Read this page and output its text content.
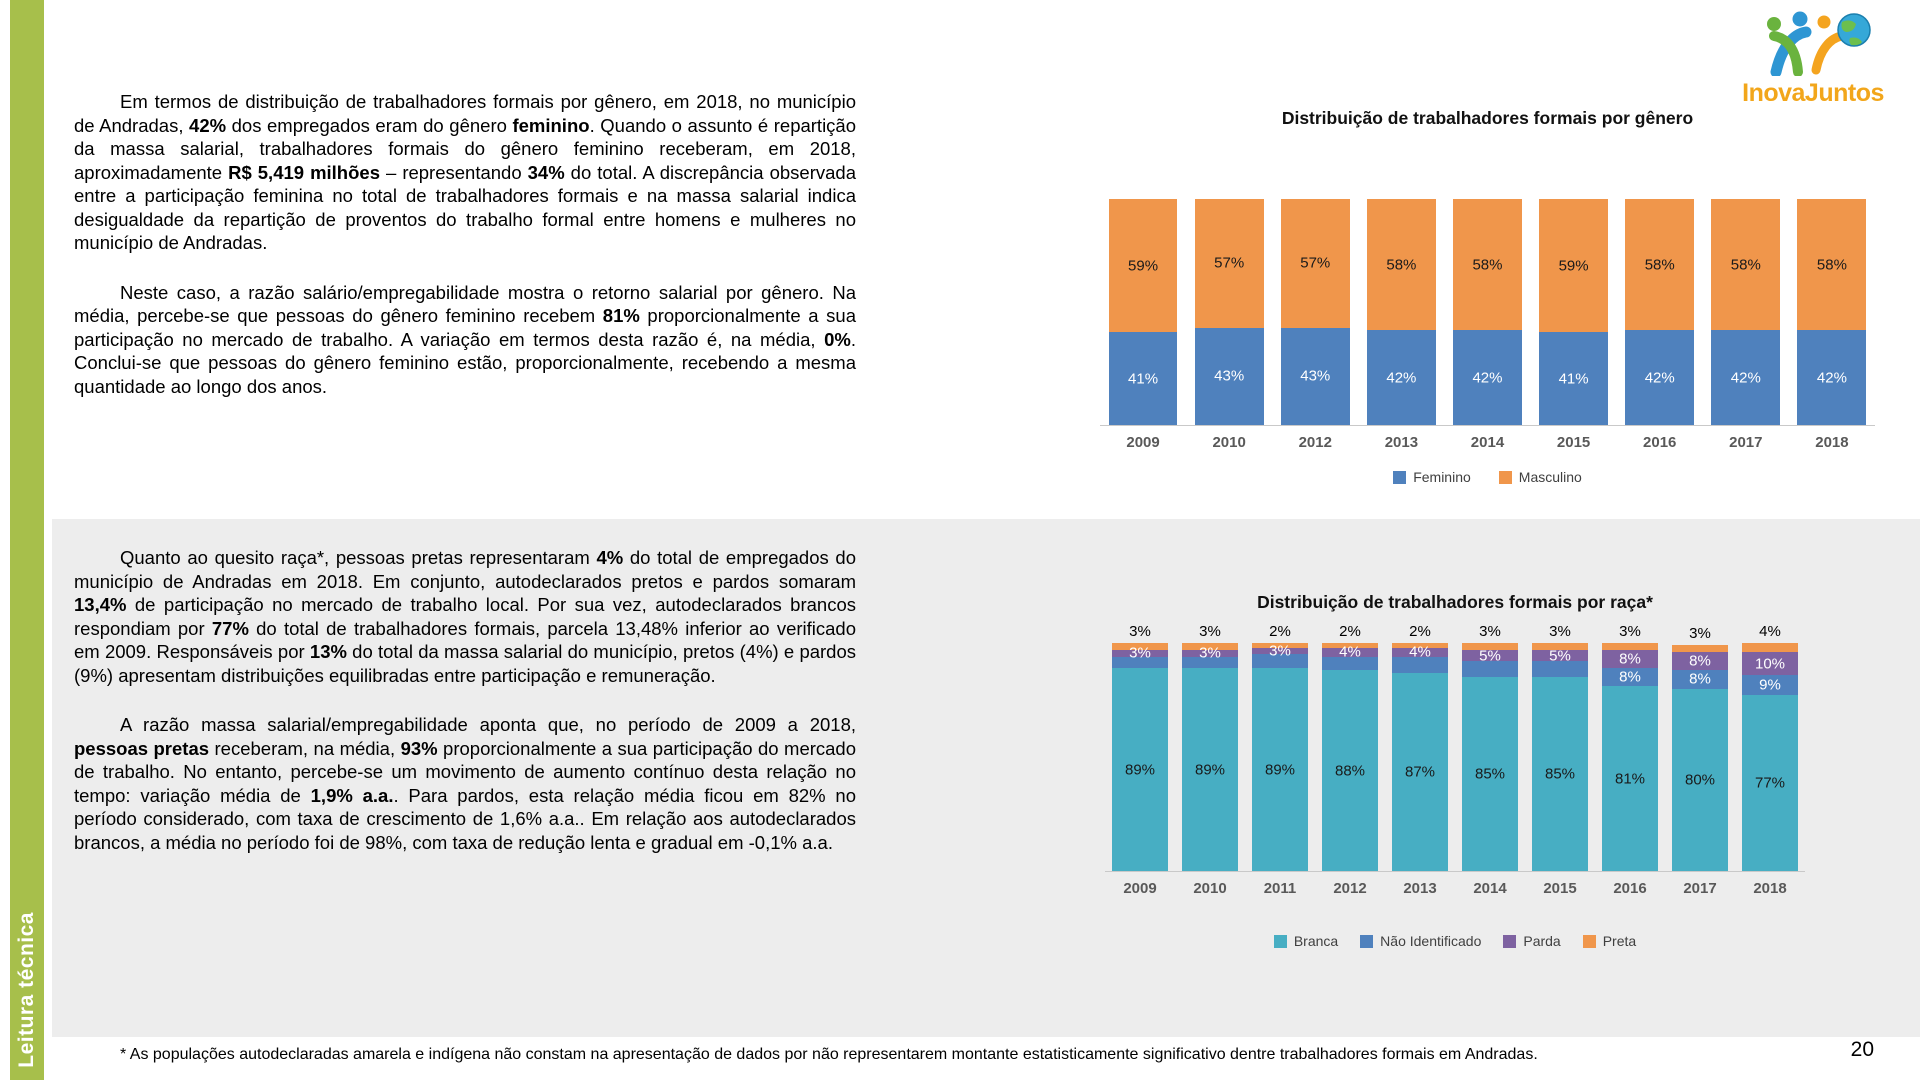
Leitura técnica
InovaJuntos

Em termos de distribuição de trabalhadores formais por gênero, em 2018, no município de Andradas, 42% dos empregados eram do gênero feminino. Quando o assunto é repartição da massa salarial, trabalhadores formais do gênero feminino receberam, em 2018, aproximadamente R$ 5,419 milhões – representando 34% do total. A discrepância observada entre a participação feminina no total de trabalhadores formais e na massa salarial indica desigualdade da repartição de proventos do trabalho formal entre homens e mulheres no município de Andradas.

Neste caso, a razão salário/empregabilidade mostra o retorno salarial por gênero. Na média, percebe-se que pessoas do gênero feminino recebem 81% proporcionalmente a sua participação no mercado de trabalho. A variação em termos desta razão é, na média, 0%. Conclui-se que pessoas do gênero feminino estão, proporcionalmente, recebendo a mesma quantidade ao longo dos anos.

Quanto ao quesito raça*, pessoas pretas representaram 4% do total de empregados do município de Andradas em 2018. Em conjunto, autodeclarados pretos e pardos somaram 13,4% de participação no mercado de trabalho local. Por sua vez, autodeclarados brancos respondiam por 77% do total de trabalhadores formais, parcela 13,48% inferior ao verificado em 2009. Responsáveis por 13% do total da massa salarial do município, pretos (4%) e pardos (9%) apresentam distribuições equilibradas entre participação e remuneração.

A razão massa salarial/empregabilidade aponta que, no período de 2009 a 2018, pessoas pretas receberam, na média, 93% proporcionalmente a sua participação do mercado de trabalho. No entanto, percebe-se um movimento de aumento contínuo desta relação no tempo: variação média de 1,9% a.a.. Para pardos, esta relação média ficou em 82% no período considerado, com taxa de crescimento de 1,6% a.a.. Em relação aos autodeclarados brancos, a média no período foi de 98%, com taxa de redução lenta e gradual em -0,1% a.a.

Distribuição de trabalhadores formais por gênero
41%
59%
43%
57%
43%
57%
42%
58%
42%
58%
41%
59%
42%
58%
42%
58%
42%
58%
2009	2010	2012	2013	2014	2015	2016	2017	2018
Feminino	Masculino
Distribuição de trabalhadores formais por raça*
89%
3%
3%
89%
3%
3%
89%
3%
2%
88%
4%
2%
87%
4%
2%
85%
5%
3%
85%
5%
3%
81%
8%
8%
3%
80%
8%
8%
3%
77%
9%
10%
4%
2009	2010	2011	2012	2013	2014	2015	2016	2017	2018
Branca	Não Identificado	Parda	Preta
* As populações autodeclaradas amarela e indígena não constam na apresentação de dados por não representarem montante estatisticamente significativo dentre trabalhadores formais em Andradas.	20
